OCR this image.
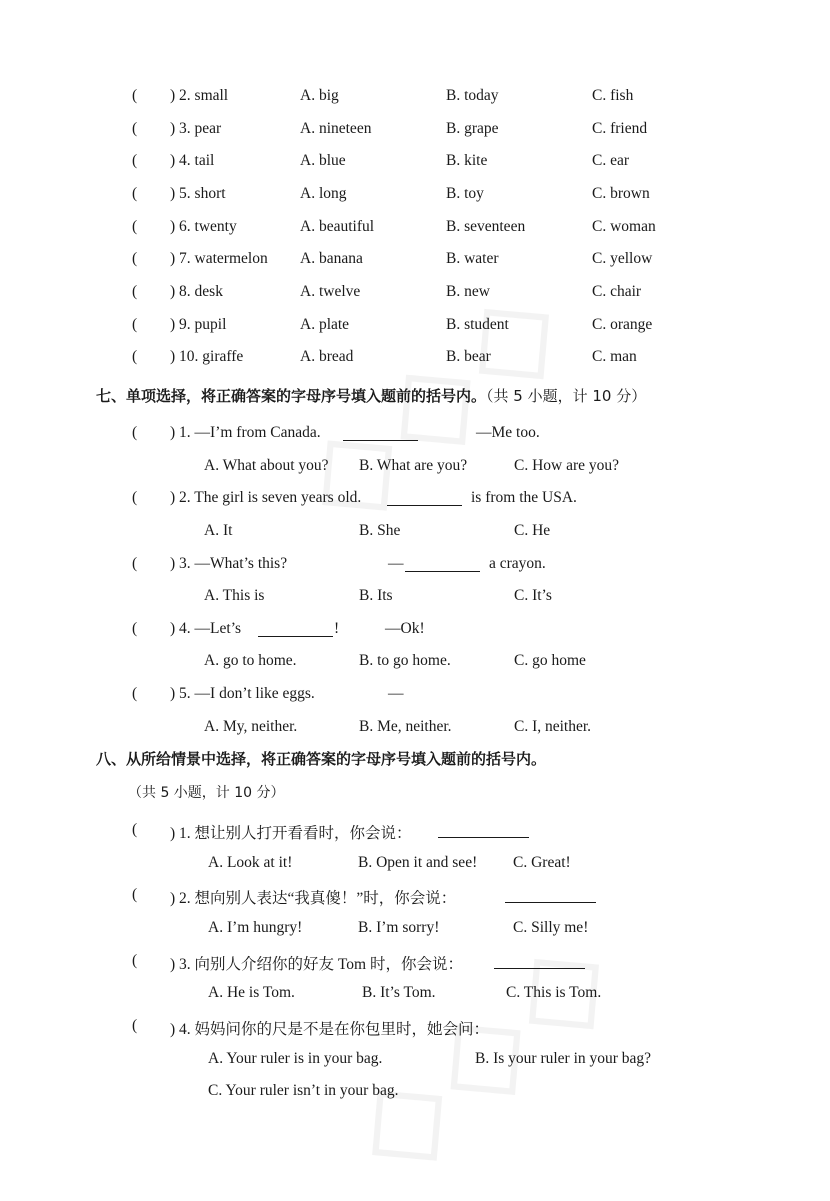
( ) 2. small	A. big	B. today	C. fish
( ) 3. pear	A. nineteen	B. grape	C. friend
( ) 4. tail	A. blue	B. kite	C. ear
( ) 5. short	A. long	B. toy	C. brown
( ) 6. twenty	A. beautiful	B. seventeen	C. woman
( ) 7. watermelon A. banana	B. water	C. yellow
( ) 8. desk	A. twelve	B. new	C. chair
( ) 9. pupil	A. plate	B. student	C. orange
( ) 10. giraffe	A. bread	B. bear	C. man
七、单项选择，将正确答案的字母序号填入题前的括号内。（共 5 小题，计 10 分）
( ) 1. —I’m from Canada.	—Me too.
A. What about you? B. What are you?	C. How are you?
( ) 2. The girl is seven years old.	is from the USA.
A. It	B. She	C. He
( ) 3. —What’s this?	—	a crayon.
A. This is	B. Its	C. It’s
( ) 4. —Let’s	!	—Ok!
A. go to home.	B. to go home.	C. go home
( ) 5. —I don’t like eggs.	—
A. My, neither.	B. Me, neither.	C. I, neither.
八、从所给情景中选择，将正确答案的字母序号填入题前的括号内。
（共 5 小题，计 10 分）
( ) 1. 想让别人打开看看时，你会说：
A. Look at it!	B. Open it and see! C. Great!
( ) 2. 想向别人表达“我真傻！”时，你会说：
A. I’m hungry!	B. I’m sorry!	C. Silly me!
( ) 3. 向别人介绍你的好友 Tom 时，你会说：
A. He is Tom.	B. It’s Tom.	C. This is Tom.
( ) 4. 妈妈问你的尺是不是在你包里时，她会问：
A. Your ruler is in your bag.	B. Is your ruler in your bag?
C. Your ruler isn’t in your bag.
